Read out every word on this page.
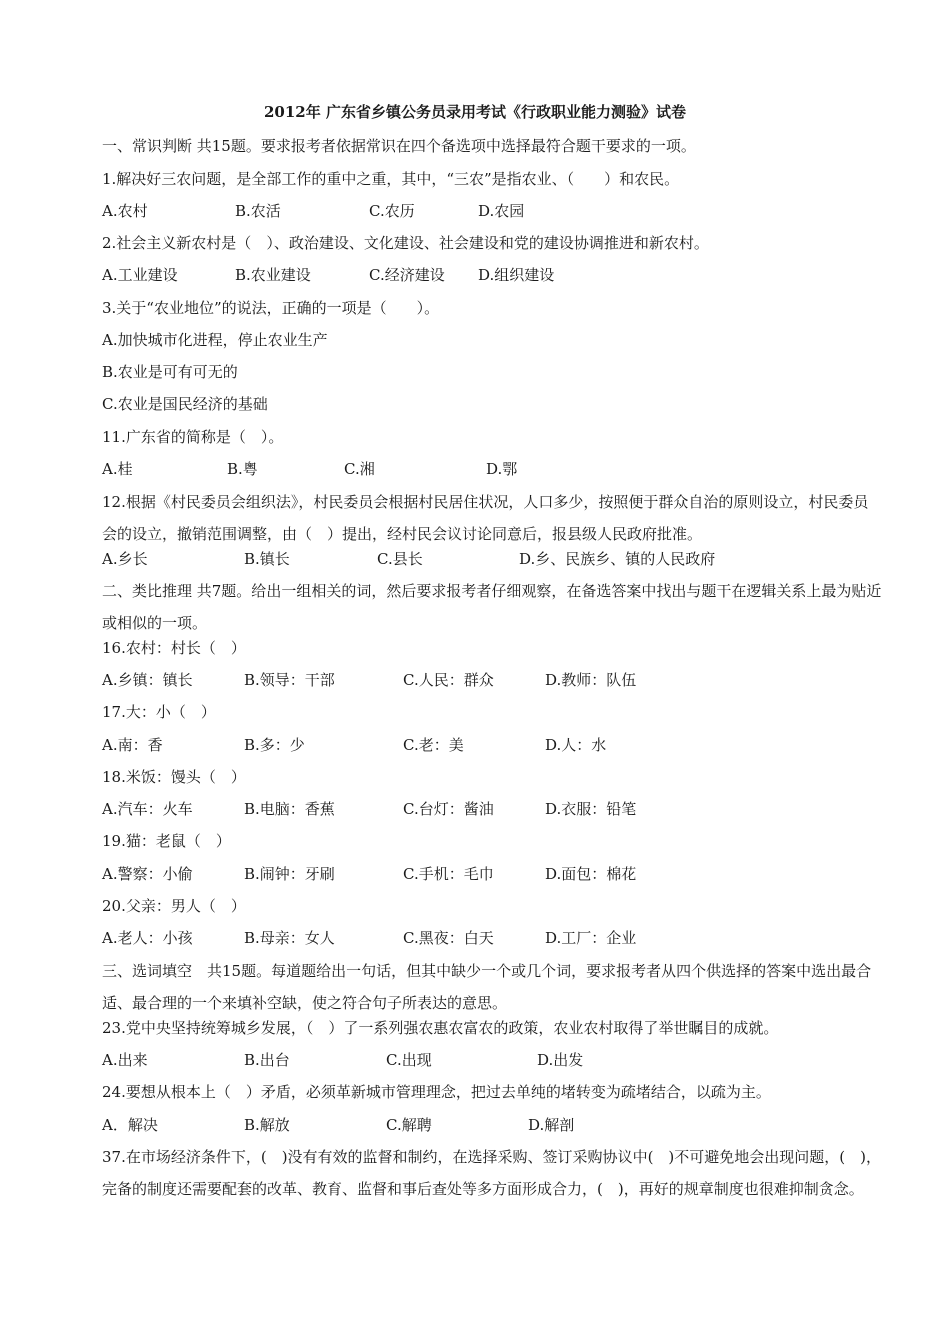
2012年 广东省乡镇公务员录用考试《行政职业能力测验》试卷
一、常识判断 共15题。要求报考者依据常识在四个备选项中选择最符合题干要求的一项。
1.解决好三农问题，是全部工作的重中之重，其中，“三农”是指农业、（　　）和农民。
A.农村	B.农活	C.农历	D.农园
2.社会主义新农村是（　）、政治建设、文化建设、社会建设和党的建设协调推进和新农村。
A.工业建设	B.农业建设	C.经济建设 D.组织建设
3.关于“农业地位”的说法，正确的一项是（　　）。
A.加快城市化进程，停止农业生产
B.农业是可有可无的
C.农业是国民经济的基础
11.广东省的简称是（　）。
A.桂	B.粤	C.湘	D.鄂
12.根据《村民委员会组织法》，村民委员会根据村民居住状况，人口多少，按照便于群众自治的原则设立，村民委员会的设立，撤销范围调整，由（　）提出，经村民会议讨论同意后，报县级人民政府批准。
A.乡长	B.镇长	C.县长	D.乡、民族乡、镇的人民政府
二、类比推理 共7题。给出一组相关的词，然后要求报考者仔细观察，在备选答案中找出与题干在逻辑关系上最为贴近或相似的一项。
16.农村：村长（　）
A.乡镇：镇长	B.领导：干部	C.人民：群众	D.教师：队伍
17.大：小（　）
A.南：香	B.多：少	C.老：美	D.人：水
18.米饭：馒头（　）
A.汽车：火车	B.电脑：香蕉	C.台灯：酱油	D.衣服：铅笔
19.猫：老鼠（　）
A.警察：小偷	B.闹钟：牙刷	C.手机：毛巾	D.面包：棉花
20.父亲：男人（　）
A.老人：小孩	B.母亲：女人	C.黑夜：白天	D.工厂：企业
三、选词填空　共15题。每道题给出一句话，但其中缺少一个或几个词，要求报考者从四个供选择的答案中选出最合适、最合理的一个来填补空缺，使之符合句子所表达的意思。
23.党中央坚持统筹城乡发展，（　）了一系列强农惠农富农的政策，农业农村取得了举世瞩目的成就。
A.出来	B.出台	C.出现	D.出发
24.要想从根本上（　）矛盾，必须革新城市管理理念，把过去单纯的堵转变为疏堵结合，以疏为主。
A．解决	B.解放	C.解聘	D.解剖
37.在市场经济条件下，(　)没有有效的监督和制约，在选择采购、签订采购协议中(　)不可避免地会出现问题，(　)，完备的制度还需要配套的改革、教育、监督和事后查处等多方面形成合力，(　)，再好的规章制度也很难抑制贪念。
